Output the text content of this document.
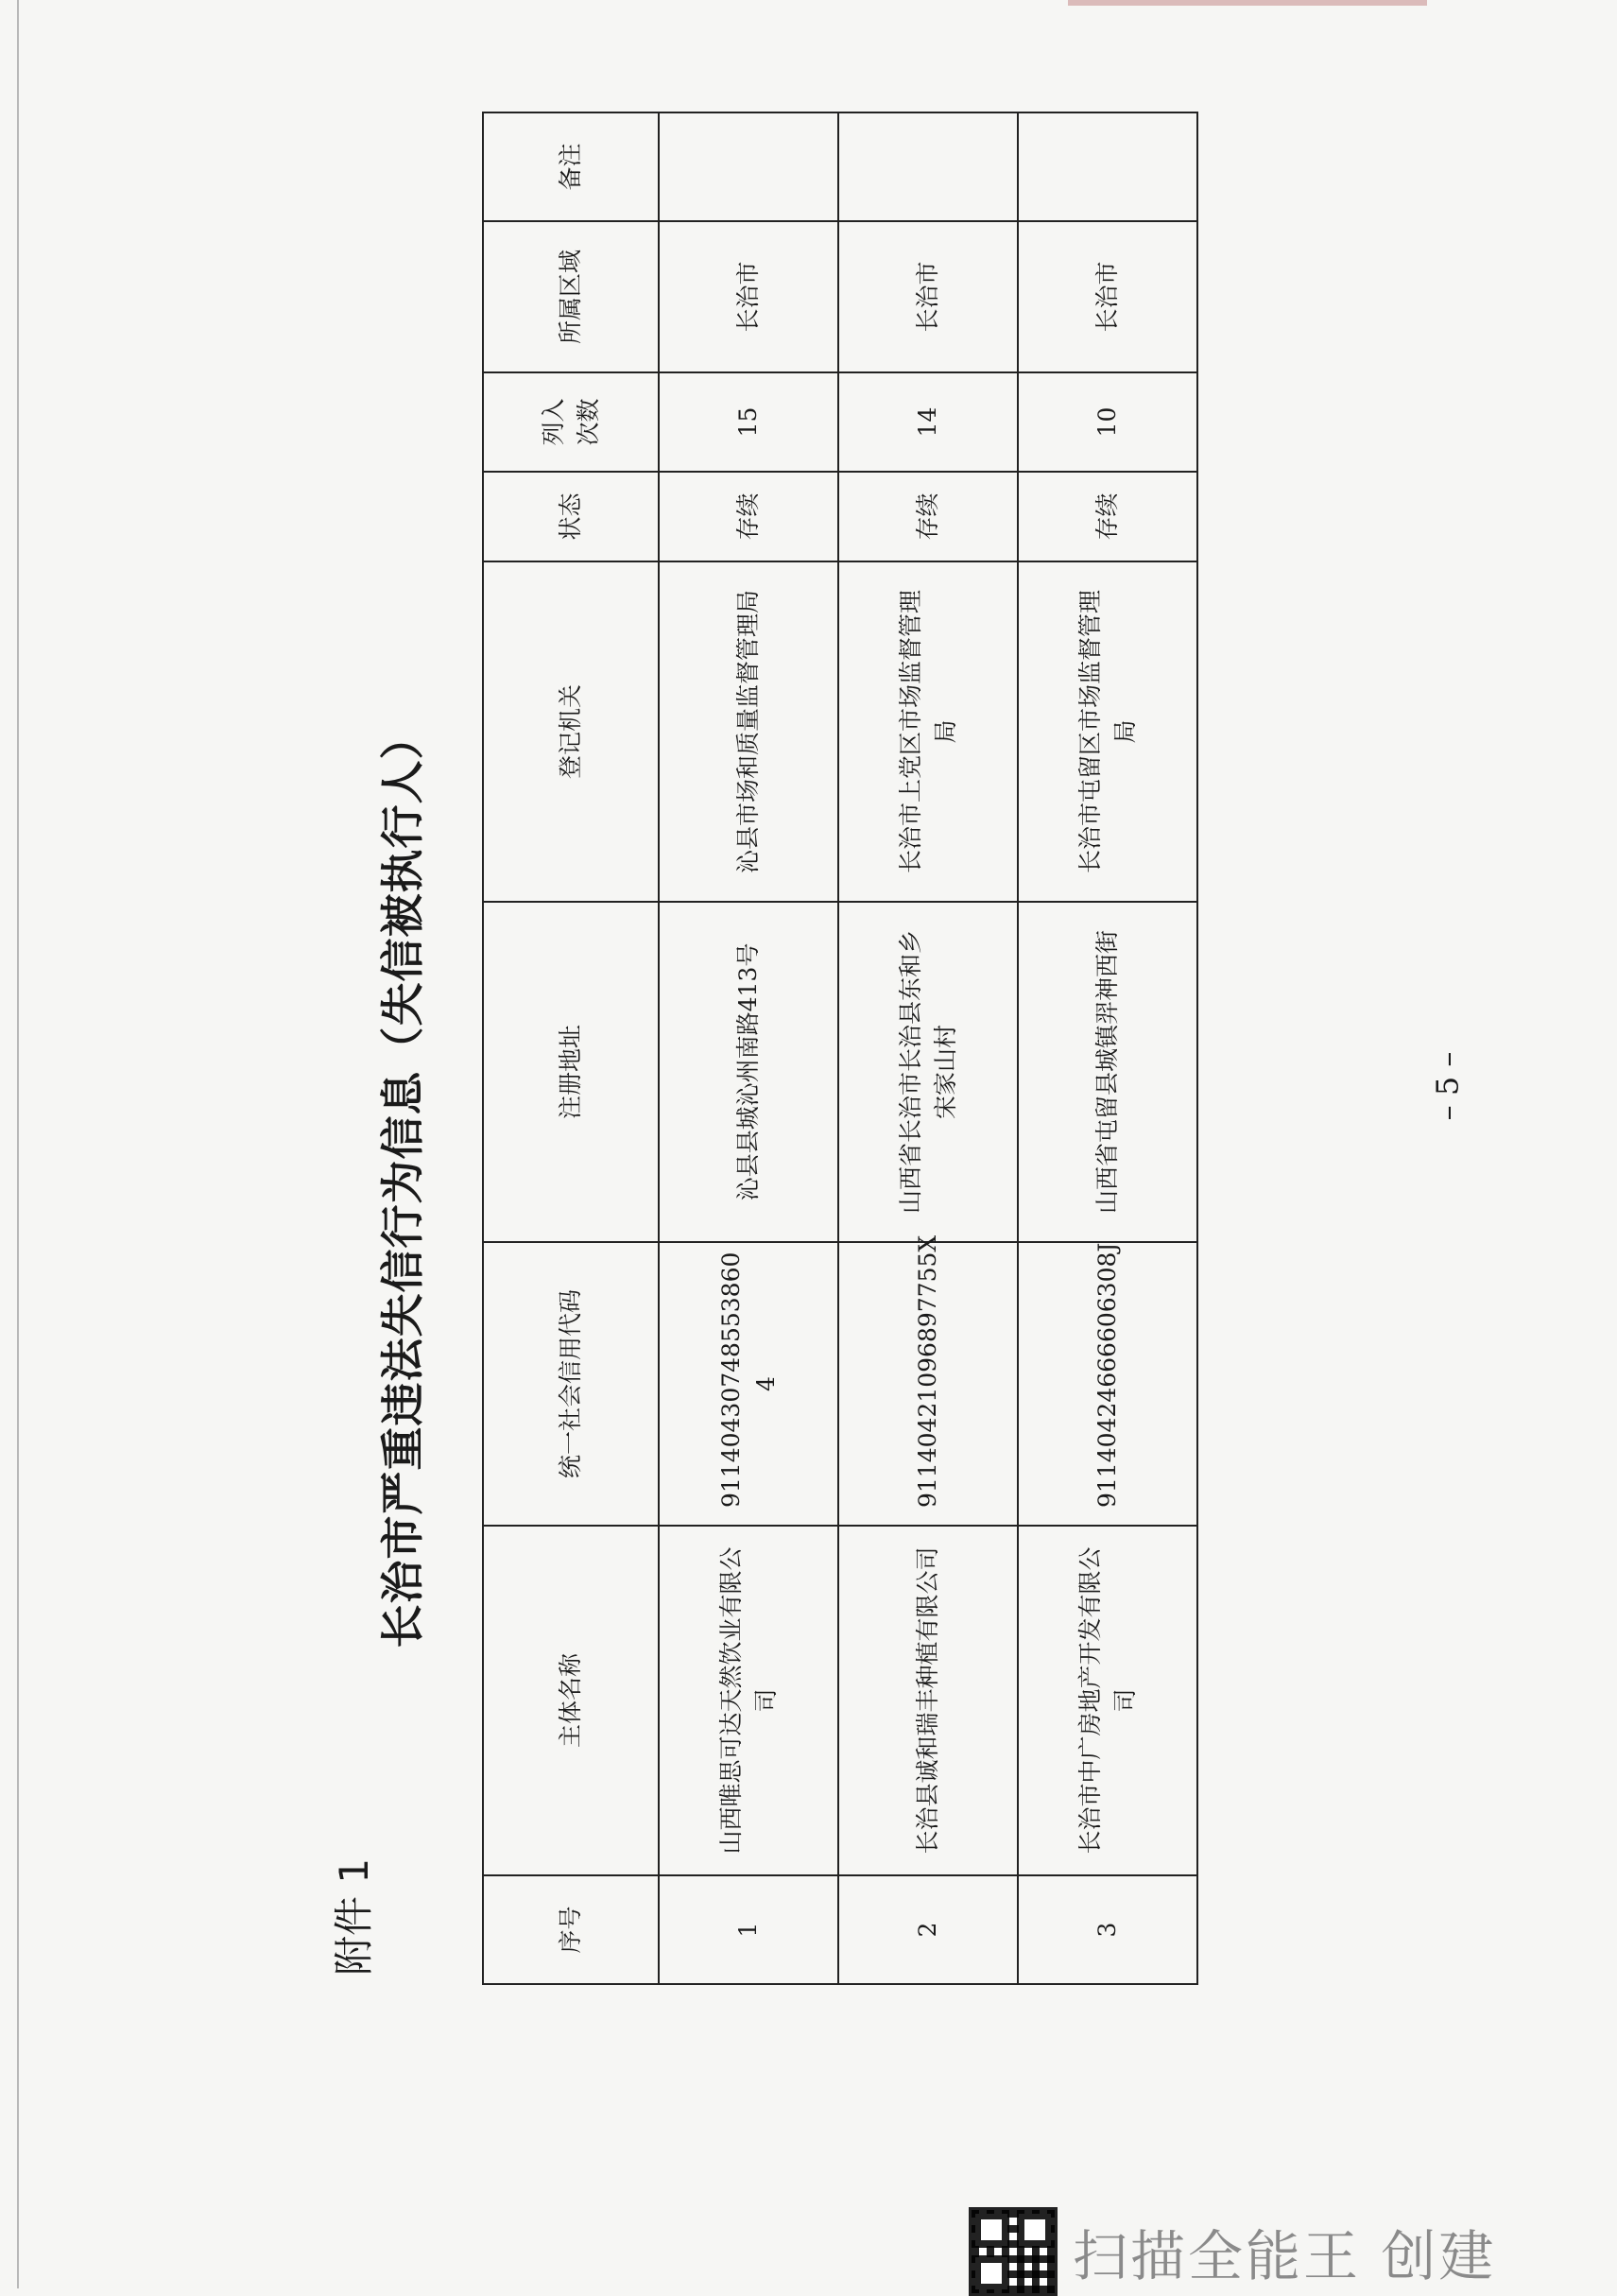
附件 1
长治市严重违法失信行为信息（失信被执行人）
序号	主体名称	统一社会信用代码	注册地址	登记机关	状态	列入次数	所属区域	备注
1	山西唯思可达天然饮业有限公司	91140430748553860​4	沁县县城沁州南路413号	沁县市场和质量监督管理局	存续	15	长治市	
2	长治县诚和瑞丰种植有限公司	91140421096897755X	山西省长治市长治县东和乡宋家山村	长治市上党区市场监督管理局	存续	14	长治市	
3	长治市中广房地产开发有限公司	91140424666606308J	山西省屯留县城镇羿神西街	长治市屯留区市场监督管理局	存续	10	长治市	
– 5 –
扫描全能王 创建
